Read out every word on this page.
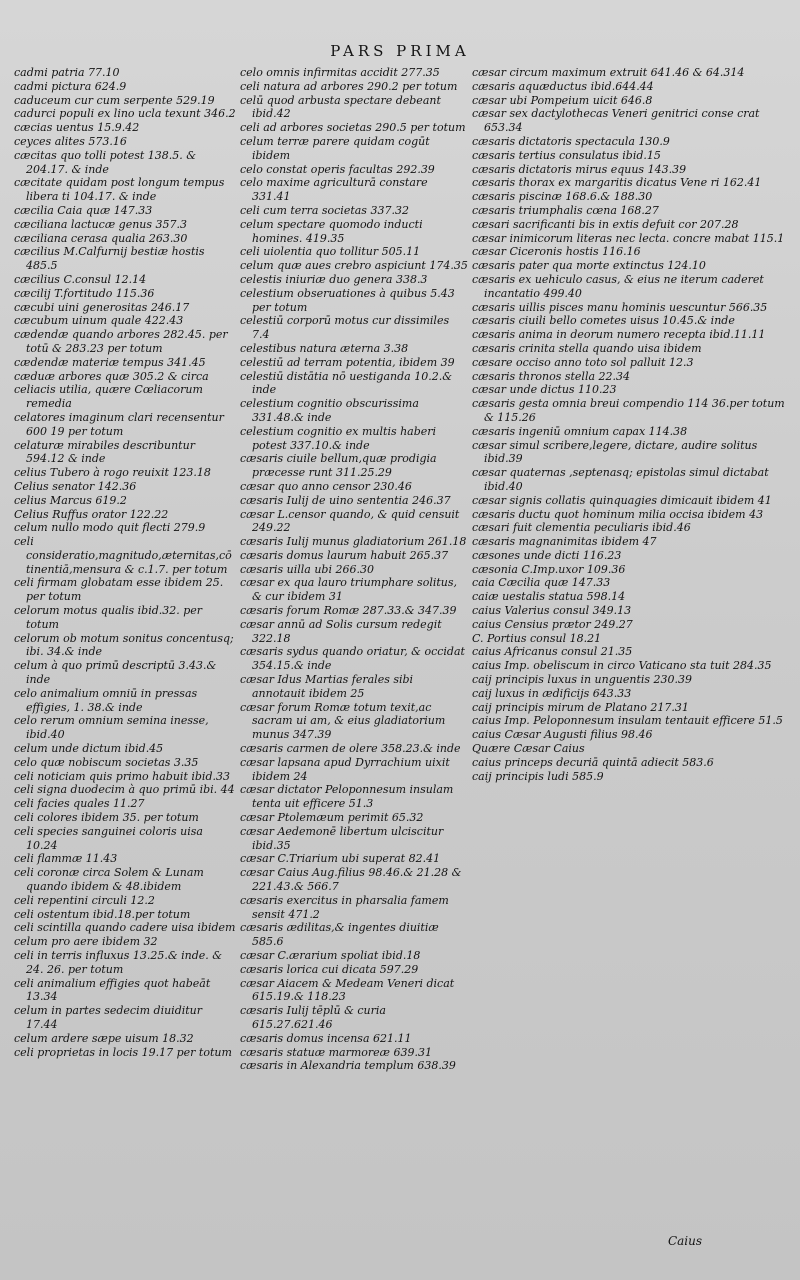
PARS PRIMA

cadmi patria 77.10

cadmi pictura 624.9

caduceum cur cum serpente 529.19

cadurci populi ex lino ucla texunt 346.2

cæcias uentus 15.9.42

ceyces alites 573.16

cæcitas quo tolli potest 138.5. & 204.17. & inde

cæcitate quidam post longum tempus libera ti 104.17. & inde

cæcilia Caia quæ 147.33

cæciliana lactucæ genus 357.3

cæciliana cerasa qualia 263.30

cæcilius M.Calfurnij bestiæ hostis 485.5

cæcilius C.consul 12.14

cæcilij T.fortitudo 115.36

cæcubi uini generositas 246.17

cæcubum uinum quale 422.43

cædendæ quando arbores 282.45. per totū & 283.23 per totum

cædendæ materiæ tempus 341.45

cæduæ arbores quæ 305.2 & circa

celiacis utilia, quære Cœliacorum remedia

celatores imaginum clari recensentur 600 19 per totum

celaturæ mirabiles describuntur 594.12 & inde

celius Tubero à rogo reuixit 123.18

Celius senator 142.36

celius Marcus 619.2

Celius Ruffus orator 122.22

celum nullo modo quit flecti 279.9

celi consideratio,magnitudo,æternitas,cō tinentiā,mensura & c.1.7. per totum

celi firmam globatam esse ibidem 25. per totum

celorum motus qualis ibid.32. per totum

celorum ob motum sonitus concentusq; ibi. 34.& inde

celum à quo primū descriptū 3.43.& inde

celo animalium omniū in pressas effigies, 1. 38.& inde

celo rerum omnium semina inesse, ibid.40

celum unde dictum ibid.45

celo quæ nobiscum societas 3.35

celi noticiam quis primo habuit ibid.33

celi signa duodecim à quo primū ibi. 44

celi facies quales 11.27

celi colores ibidem 35. per totum

celi species sanguinei coloris uisa 10.24

celi flammæ 11.43

celi coronæ circa Solem & Lunam quando ibidem & 48.ibidem

celi repentini circuli 12.2

celi ostentum ibid.18.per totum

celi scintilla quando cadere uisa ibidem

celum pro aere ibidem 32

celi in terris influxus 13.25.& inde. & 24. 26. per totum

celi animalium effigies quot habeāt 13.34

celum in partes sedecim diuiditur 17.44

celum ardere sæpe uisum 18.32

celi proprietas in locis 19.17 per totum

celo omnis infirmitas accidit 277.35

celi natura ad arbores 290.2 per totum

celū quod arbusta spectare debeant ibid.42

celi ad arbores societas 290.5 per totum

celum terræ parere quidam cogūt ibidem

celo constat operis facultas 292.39

celo maxime agriculturā constare 331.41

celi cum terra societas 337.32

celum spectare quomodo inducti homines. 419.35

celi uiolentia quo tollitur 505.11

celum quæ aues crebro aspiciunt 174.35

celestis iniuriæ duo genera 338.3

celestium obseruationes à quibus 5.43 per totum

celestiū corporū motus cur dissimiles 7.4

celestibus natura æterna 3.38

celestiū ad terram potentia, ibidem 39

celestiū distātia nō uestiganda 10.2.& inde

celestium cognitio obscurissima 331.48.& inde

celestium cognitio ex multis haberi potest 337.10.& inde

cæsaris ciuile bellum,quæ prodigia præcesse runt 311.25.29

cæsar quo anno censor 230.46

cæsaris Iulij de uino sententia 246.37

cæsar L.censor quando, & quid censuit 249.22

cæsaris Iulij munus gladiatorium 261.18

cæsaris domus laurum habuit 265.37

cæsaris uilla ubi 266.30

cæsar ex qua lauro triumphare solitus, & cur ibidem 31

cæsaris forum Romæ 287.33.& 347.39

cæsar annū ad Solis cursum redegit 322.18

cæsaris sydus quando oriatur, & occidat 354.15.& inde

cæsar Idus Martias ferales sibi annotauit ibidem 25

cæsar forum Romæ totum texit,ac sacram ui am, & eius gladiatorium munus 347.39

cæsaris carmen de olere 358.23.& inde

cæsar lapsana apud Dyrrachium uixit ibidem 24

cæsar dictator Peloponnesum insulam tenta uit efficere 51.3

cæsar Ptolemæum perimit 65.32

cæsar Aedemonē libertum ulciscitur ibid.35

cæsar C.Triarium ubi superat 82.41

cæsar Caius Aug.filius 98.46.& 21.28 & 221.43.& 566.7

cæsaris exercitus in pharsalia famem sensit 471.2

cæsaris ædilitas,& ingentes diuitiæ 585.6

cæsar C.ærarium spoliat ibid.18

cæsaris lorica cui dicata 597.29

cæsar Aiacem & Medeam Veneri dicat 615.19.& 118.23

cæsaris Iulij tēplū & curia 615.27.621.46

cæsaris domus incensa 621.11

cæsaris statuæ marmoreæ 639.31

cæsaris in Alexandria templum 638.39

cæsar circum maximum extruit 641.46 & 64.314

cæsaris aquæductus ibid.644.44

cæsar ubi Pompeium uicit 646.8

cæsar sex dactylothecas Veneri genitrici conse crat 653.34

cæsaris dictatoris spectacula 130.9

cæsaris tertius consulatus ibid.15

cæsaris dictatoris mirus equus 143.39

cæsaris thorax ex margaritis dicatus Vene ri 162.41

cæsaris piscinæ 168.6.& 188.30

cæsaris triumphalis cœna 168.27

cæsari sacrificanti bis in extis defuit cor 207.28

cæsar inimicorum literas nec lecta. concre mabat 115.1

cæsar Ciceronis hostis 116.16

cæsaris pater qua morte extinctus 124.10

cæsaris ex uehiculo casus, & eius ne iterum caderet incantatio 499.40

cæsaris uillis pisces manu hominis uescuntur 566.35

cæsaris ciuili bello cometes uisus 10.45.& inde

cæsaris anima in deorum numero recepta ibid.11.11

cæsaris crinita stella quando uisa ibidem

cæsare occiso anno toto sol palluit 12.3

cæsaris thronos stella 22.34

cæsar unde dictus 110.23

cæsaris gesta omnia breui compendio 114 36.per totum & 115.26

cæsaris ingeniū omnium capax 114.38

cæsar simul scribere,legere, dictare, audire solitus ibid.39

cæsar quaternas ,septenasq; epistolas simul dictabat ibid.40

cæsar signis collatis quinquagies dimicauit ibidem 41

cæsaris ductu quot hominum milia occisa ibidem 43

cæsari fuit clementia peculiaris ibid.46

cæsaris magnanimitas ibidem 47

cæsones unde dicti 116.23

cæsonia C.Imp.uxor 109.36

caia Cæcilia quæ 147.33

caiæ uestalis statua 598.14

caius Valerius consul 349.13

caius Censius prætor 249.27

C. Portius consul 18.21

caius Africanus consul 21.35

caius Imp. obeliscum in circo Vaticano sta tuit 284.35

caij principis luxus in unguentis 230.39

caij luxus in ædificijs 643.33

caij principis mirum de Platano 217.31

caius Imp. Peloponnesum insulam tentauit efficere 51.5

caius Cæsar Augusti filius 98.46

Quære Cæsar Caius

caius princeps decuriā quintā adiecit 583.6

caij principis ludi 585.9

Caius
